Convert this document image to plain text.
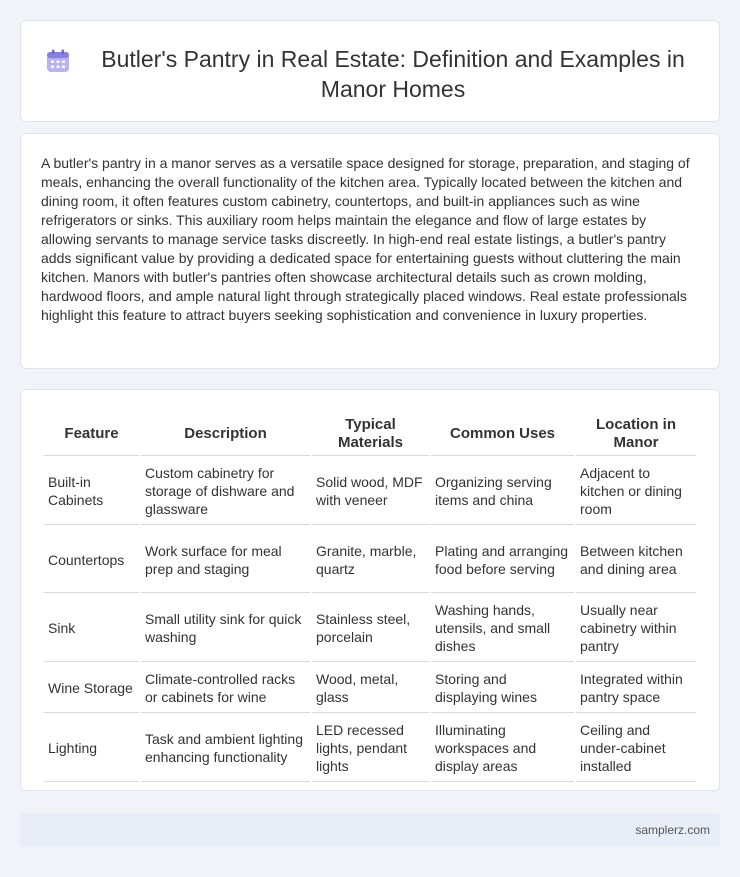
Butler's Pantry in Real Estate: Definition and Examples in Manor Homes

A butler's pantry in a manor serves as a versatile space designed for storage, preparation, and staging of meals, enhancing the overall functionality of the kitchen area. Typically located between the kitchen and dining room, it often features custom cabinetry, countertops, and built-in appliances such as wine refrigerators or sinks. This auxiliary room helps maintain the elegance and flow of large estates by allowing servants to manage service tasks discreetly. In high-end real estate listings, a butler's pantry adds significant value by providing a dedicated space for entertaining guests without cluttering the main kitchen. Manors with butler's pantries often showcase architectural details such as crown molding, hardwood floors, and ample natural light through strategically placed windows. Real estate professionals highlight this feature to attract buyers seeking sophistication and convenience in luxury properties.

Feature	Description	Typical Materials	Common Uses	Location in Manor
Built-in Cabinets	Custom cabinetry for storage of dishware and glassware	Solid wood, MDF with veneer	Organizing serving items and china	Adjacent to kitchen or dining room
Countertops	Work surface for meal prep and staging	Granite, marble, quartz	Plating and arranging food before serving	Between kitchen and dining area
Sink	Small utility sink for quick washing	Stainless steel, porcelain	Washing hands, utensils, and small dishes	Usually near cabinetry within pantry
Wine Storage	Climate-controlled racks or cabinets for wine	Wood, metal, glass	Storing and displaying wines	Integrated within pantry space
Lighting	Task and ambient lighting enhancing functionality	LED recessed lights, pendant lights	Illuminating workspaces and display areas	Ceiling and under-cabinet installed
samplerz.com
